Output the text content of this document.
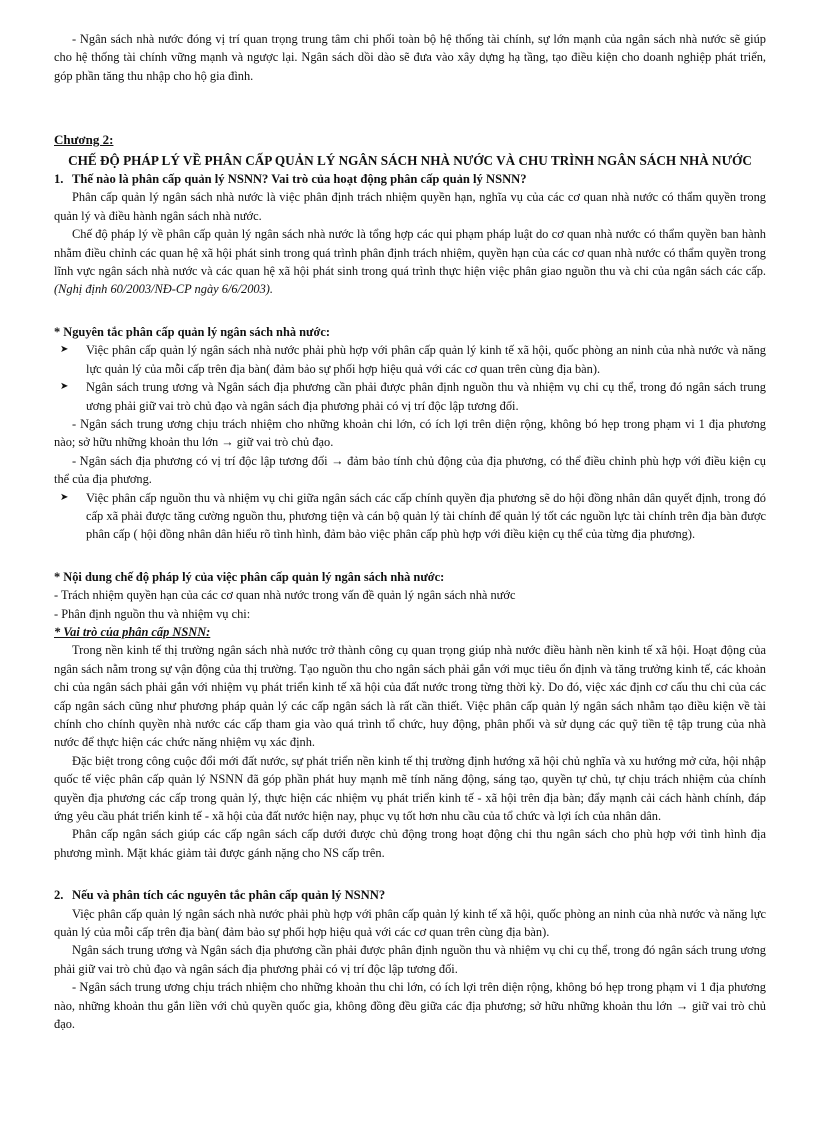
- Ngân sách nhà nước đóng vị trí quan trọng trung tâm chi phối toàn bộ hệ thống tài chính, sự lớn mạnh của ngân sách nhà nước sẽ giúp cho hệ thống tài chính vững mạnh và ngược lại. Ngân sách dồi dào sẽ đưa vào xây dựng hạ tầng, tạo điều kiện cho doanh nghiệp phát triển, góp phần tăng thu nhập cho hộ gia đình.

Chương 2:

CHẾ ĐỘ PHÁP LÝ VỀ PHÂN CẤP QUẢN LÝ NGÂN SÁCH NHÀ NƯỚC VÀ CHU TRÌNH NGÂN SÁCH NHÀ NƯỚC

1. Thế nào là phân cấp quản lý NSNN? Vai trò của hoạt động phân cấp quản lý NSNN?

Phân cấp quản lý ngân sách nhà nước là việc phân định trách nhiệm quyền hạn, nghĩa vụ của các cơ quan nhà nước có thẩm quyền trong quản lý và điều hành ngân sách nhà nước.

Chế độ pháp lý về phân cấp quản lý ngân sách nhà nước là tổng hợp các qui phạm pháp luật do cơ quan nhà nước có thẩm quyền ban hành nhằm điều chỉnh các quan hệ xã hội phát sinh trong quá trình phân định trách nhiệm, quyền hạn của các cơ quan nhà nước có thẩm quyền trong lĩnh vực ngân sách nhà nước và các quan hệ xã hội phát sinh trong quá trình thực hiện việc phân giao nguồn thu và chi của ngân sách các cấp. (Nghị định 60/2003/NĐ-CP ngày 6/6/2003).

* Nguyên tắc phân cấp quản lý ngân sách nhà nước:

➤	Việc phân cấp quản lý ngân sách nhà nước phải phù hợp với phân cấp quản lý kinh tế xã hội, quốc phòng an ninh của nhà nước và năng lực quản lý của mỗi cấp trên địa bàn( đảm bảo sự phối hợp hiệu quả với các cơ quan trên cùng địa bàn).
➤	Ngân sách trung ương và Ngân sách địa phương cần phải được phân định nguồn thu và nhiệm vụ chi cụ thể, trong đó ngân sách trung ương phải giữ vai trò chủ đạo và ngân sách địa phương phải có vị trí độc lập tương đối.

- Ngân sách trung ương chịu trách nhiệm cho những khoản chi lớn, có ích lợi trên diện rộng, không bó hẹp trong phạm vi 1 địa phương nào; sở hữu những khoản thu lớn → giữ vai trò chủ đạo.

- Ngân sách địa phương có vị trí độc lập tương đối → đảm bảo tính chủ động của địa phương, có thể điều chỉnh phù hợp với điều kiện cụ thể của địa phương.

➤	Việc phân cấp nguồn thu và nhiệm vụ chi giữa ngân sách các cấp chính quyền địa phương sẽ do hội đồng nhân dân quyết định, trong đó cấp xã phải được tăng cường nguồn thu, phương tiện và cán bộ quản lý tài chính để quản lý tốt các nguồn lực tài chính trên địa bàn được phân cấp ( hội đồng nhân dân hiểu rõ tình hình, đảm bảo việc phân cấp phù hợp với điều kiện cụ thể của từng địa phương).

* Nội dung chế độ pháp lý của việc phân cấp quản lý ngân sách nhà nước:

- Trách nhiệm quyền hạn của các cơ quan nhà nước trong vấn đề quản lý ngân sách nhà nước

- Phân định nguồn thu và nhiệm vụ chi:

* Vai trò của phân cấp NSNN:

Trong nền kinh tế thị trường ngân sách nhà nước trở thành công cụ quan trọng giúp nhà nước điều hành nền kinh tế xã hội. Hoạt động của ngân sách nằm trong sự vận động của thị trường. Tạo nguồn thu cho ngân sách phải gắn với mục tiêu ổn định và tăng trưởng kinh tế, các khoản chi của ngân sách phải gắn với nhiệm vụ phát triển kinh tế xã hội của đất nước trong từng thời kỳ. Do đó, việc xác định cơ cấu thu chi của các cấp ngân sách cũng như phương pháp quản lý các cấp ngân sách là rất cần thiết. Việc phân cấp quản lý ngân sách nhằm tạo điều kiện về tài chính cho chính quyền nhà nước các cấp tham gia vào quá trình tổ chức, huy động, phân phối và sử dụng các quỹ tiền tệ tập trung của nhà nước để thực hiện các chức năng nhiệm vụ xác định.

Đặc biệt trong công cuộc đổi mới đất nước, sự phát triển nền kinh tế thị trường định hướng xã hội chủ nghĩa và xu hướng mở cửa, hội nhập quốc tế việc phân cấp quản lý NSNN đã góp phần phát huy mạnh mẽ tính năng động, sáng tạo, quyền tự chủ, tự chịu trách nhiệm của chính quyền địa phương các cấp trong quản lý, thực hiện các nhiệm vụ phát triển kinh tế - xã hội trên địa bàn; đẩy mạnh cải cách hành chính, đáp ứng yêu cầu phát triển kinh tế - xã hội của đất nước hiện nay, phục vụ tốt hơn nhu cầu của tổ chức và lợi ích của nhân dân.

Phân cấp ngân sách giúp các cấp ngân sách cấp dưới được chủ động trong hoạt động chi thu ngân sách cho phù hợp với tình hình địa phương mình. Mặt khác giảm tải được gánh nặng cho NS cấp trên.

2. Nếu và phân tích các nguyên tắc phân cấp quản lý NSNN?

Việc phân cấp quản lý ngân sách nhà nước phải phù hợp với phân cấp quản lý kinh tế xã hội, quốc phòng an ninh của nhà nước và năng lực quản lý của mỗi cấp trên địa bàn( đảm bảo sự phối hợp hiệu quả với các cơ quan trên cùng địa bàn).

Ngân sách trung ương và Ngân sách địa phương cần phải được phân định nguồn thu và nhiệm vụ chi cụ thể, trong đó ngân sách trung ương phải giữ vai trò chủ đạo và ngân sách địa phương phải có vị trí độc lập tương đối.

- Ngân sách trung ương chịu trách nhiệm cho những khoản thu chi lớn, có ích lợi trên diện rộng, không bó hẹp trong phạm vi 1 địa phương nào, những khoản thu gắn liền với chủ quyền quốc gia, không đồng đều giữa các địa phương; sở hữu những khoản thu lớn → giữ vai trò chủ đạo.
